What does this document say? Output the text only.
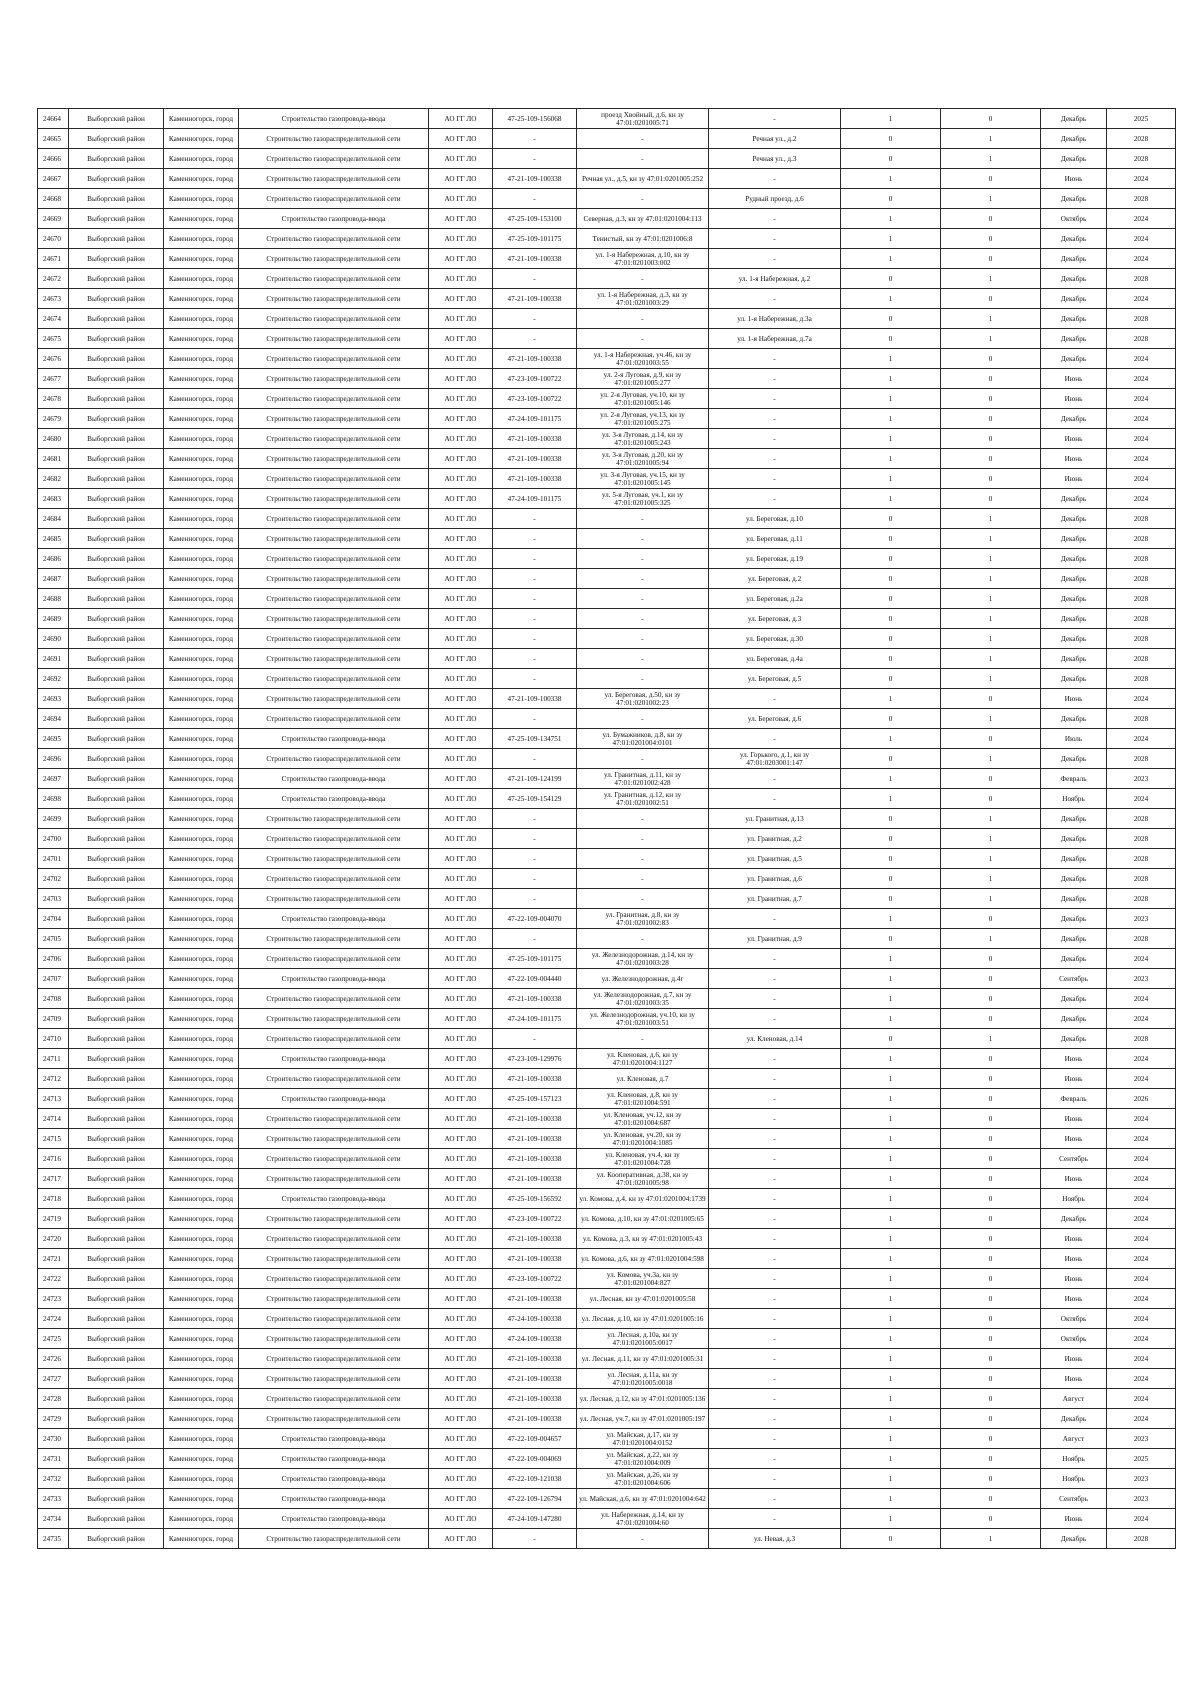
24664	Выборгский район	Каменногорск, город	Строительство газопровода-ввода	АО ГГ ЛО	47-25-109-156068	проезд Хвойный, д.6, кн зу 47:01:0201005:71	-	1	0	Декабрь	2025
24665	Выборгский район	Каменногорск, город	Строительство газораспределительной сети	АО ГГ ЛО	-	-	Речная ул., д.2	0	1	Декабрь	2028
24666	Выборгский район	Каменногорск, город	Строительство газораспределительной сети	АО ГГ ЛО	-	-	Речная ул., д.3	0	1	Декабрь	2028
24667	Выборгский район	Каменногорск, город	Строительство газораспределительной сети	АО ГГ ЛО	47-21-109-100338	Речная ул., д.5, кн зу 47:01:0201005:252	-	1	0	Июнь	2024
24668	Выборгский район	Каменногорск, город	Строительство газораспределительной сети	АО ГГ ЛО	-	-	Рудный проезд, д.6	0	1	Декабрь	2028
24669	Выборгский район	Каменногорск, город	Строительство газопровода-ввода	АО ГГ ЛО	47-25-109-153100	Северная, д.3, кн зу 47:01:0201004:113	-	1	0	Октябрь	2024
24670	Выборгский район	Каменногорск, город	Строительство газораспределительной сети	АО ГГ ЛО	47-25-109-101175	Тенистый, кн зу 47:01:0201006:8	-	1	0	Декабрь	2024
24671	Выборгский район	Каменногорск, город	Строительство газораспределительной сети	АО ГГ ЛО	47-21-109-100338	ул. 1-я Набережная, д.10, кн зу 47:01:0201003:002	-	1	0	Декабрь	2024
24672	Выборгский район	Каменногорск, город	Строительство газораспределительной сети	АО ГГ ЛО	-	-	ул. 1-я Набережная, д.2	0	1	Декабрь	2028
24673	Выборгский район	Каменногорск, город	Строительство газораспределительной сети	АО ГГ ЛО	47-21-109-100338	ул. 1-я Набережная, д.3, кн зу 47:01:0201003:29	-	1	0	Декабрь	2024
24674	Выборгский район	Каменногорск, город	Строительство газораспределительной сети	АО ГГ ЛО	-	-	ул. 1-я Набережная, д.3а	0	1	Декабрь	2028
24675	Выборгский район	Каменногорск, город	Строительство газораспределительной сети	АО ГГ ЛО	-	-	ул. 1-я Набережная, д.7а	0	1	Декабрь	2028
24676	Выборгский район	Каменногорск, город	Строительство газораспределительной сети	АО ГГ ЛО	47-21-109-100338	ул. 1-я Набережная, уч.46, кн зу 47:01:0201003:55	-	1	0	Декабрь	2024
24677	Выборгский район	Каменногорск, город	Строительство газораспределительной сети	АО ГГ ЛО	47-23-109-100722	ул. 2-я Луговая, д.9, кн зу 47:01:0201005:277	-	1	0	Июнь	2024
24678	Выборгский район	Каменногорск, город	Строительство газораспределительной сети	АО ГГ ЛО	47-23-109-100722	ул. 2-я Луговая, уч.10, кн зу 47:01:0201005:146	-	1	0	Июнь	2024
24679	Выборгский район	Каменногорск, город	Строительство газораспределительной сети	АО ГГ ЛО	47-24-109-101175	ул. 2-я Луговая, уч.13, кн зу 47:01:0201005:275	-	1	0	Декабрь	2024
24680	Выборгский район	Каменногорск, город	Строительство газораспределительной сети	АО ГГ ЛО	47-21-109-100338	ул. 3-я Луговая, д.14, кн зу 47:01:0201005:243	-	1	0	Июнь	2024
24681	Выборгский район	Каменногорск, город	Строительство газораспределительной сети	АО ГГ ЛО	47-21-109-100338	ул. 3-я Луговая, д.20, кн зу 47:01:0201005:94	-	1	0	Июнь	2024
24682	Выборгский район	Каменногорск, город	Строительство газораспределительной сети	АО ГГ ЛО	47-21-109-100338	ул. 3-я Луговая, уч.15, кн зу 47:01:0201005:145	-	1	0	Июнь	2024
24683	Выборгский район	Каменногорск, город	Строительство газораспределительной сети	АО ГГ ЛО	47-24-109-101175	ул. 5-я Луговая, уч.1, кн зу 47:01:0201005:325	-	1	0	Декабрь	2024
24684	Выборгский район	Каменногорск, город	Строительство газораспределительной сети	АО ГГ ЛО	-	-	ул. Береговая, д.10	0	1	Декабрь	2028
24685	Выборгский район	Каменногорск, город	Строительство газораспределительной сети	АО ГГ ЛО	-	-	ул. Береговая, д.11	0	1	Декабрь	2028
24686	Выборгский район	Каменногорск, город	Строительство газораспределительной сети	АО ГГ ЛО	-	-	ул. Береговая, д.19	0	1	Декабрь	2028
24687	Выборгский район	Каменногорск, город	Строительство газораспределительной сети	АО ГГ ЛО	-	-	ул. Береговая, д.2	0	1	Декабрь	2028
24688	Выборгский район	Каменногорск, город	Строительство газораспределительной сети	АО ГГ ЛО	-	-	ул. Береговая, д.2а	0	1	Декабрь	2028
24689	Выборгский район	Каменногорск, город	Строительство газораспределительной сети	АО ГГ ЛО	-	-	ул. Береговая, д.3	0	1	Декабрь	2028
24690	Выборгский район	Каменногорск, город	Строительство газораспределительной сети	АО ГГ ЛО	-	-	ул. Береговая, д.30	0	1	Декабрь	2028
24691	Выборгский район	Каменногорск, город	Строительство газораспределительной сети	АО ГГ ЛО	-	-	ул. Береговая, д.4а	0	1	Декабрь	2028
24692	Выборгский район	Каменногорск, город	Строительство газораспределительной сети	АО ГГ ЛО	-	-	ул. Береговая, д.5	0	1	Декабрь	2028
24693	Выборгский район	Каменногорск, город	Строительство газораспределительной сети	АО ГГ ЛО	47-21-109-100338	ул. Береговая, д.50, кн зу 47:01:0201002:23	-	1	0	Июнь	2024
24694	Выборгский район	Каменногорск, город	Строительство газораспределительной сети	АО ГГ ЛО	-	-	ул. Береговая, д.6	0	1	Декабрь	2028
24695	Выборгский район	Каменногорск, город	Строительство газопровода-ввода	АО ГГ ЛО	47-25-109-134751	ул. Бумажников, д.8, кн зу 47:01:0201004:0101	-	1	0	Июль	2024
24696	Выборгский район	Каменногорск, город	Строительство газораспределительной сети	АО ГГ ЛО	-	-	ул. Горького, д.1, кн зу 47:01:0203001:147	0	1	Декабрь	2028
24697	Выборгский район	Каменногорск, город	Строительство газопровода-ввода	АО ГГ ЛО	47-21-109-124199	ул. Гранитная, д.11, кн зу 47:01:0201002:428	-	1	0	Февраль	2023
24698	Выборгский район	Каменногорск, город	Строительство газопровода-ввода	АО ГГ ЛО	47-25-109-154129	ул. Гранитная, д.12, кн зу 47:01:0201002:51	-	1	0	Ноябрь	2024
24699	Выборгский район	Каменногорск, город	Строительство газораспределительной сети	АО ГГ ЛО	-	-	ул. Гранитная, д.13	0	1	Декабрь	2028
24700	Выборгский район	Каменногорск, город	Строительство газораспределительной сети	АО ГГ ЛО	-	-	ул. Гранитная, д.2	0	1	Декабрь	2028
24701	Выборгский район	Каменногорск, город	Строительство газораспределительной сети	АО ГГ ЛО	-	-	ул. Гранитная, д.5	0	1	Декабрь	2028
24702	Выборгский район	Каменногорск, город	Строительство газораспределительной сети	АО ГГ ЛО	-	-	ул. Гранитная, д.6	0	1	Декабрь	2028
24703	Выборгский район	Каменногорск, город	Строительство газораспределительной сети	АО ГГ ЛО	-	-	ул. Гранитная, д.7	0	1	Декабрь	2028
24704	Выборгский район	Каменногорск, город	Строительство газопровода-ввода	АО ГГ ЛО	47-22-109-004070	ул. Гранитная, д.8, кн зу 47:01:0201002:83	-	1	0	Декабрь	2023
24705	Выборгский район	Каменногорск, город	Строительство газораспределительной сети	АО ГГ ЛО	-	-	ул. Гранитная, д.9	0	1	Декабрь	2028
24706	Выборгский район	Каменногорск, город	Строительство газораспределительной сети	АО ГГ ЛО	47-25-109-101175	ул. Железнодорожная, д.14, кн зу 47:01:0201003:28	-	1	0	Декабрь	2024
24707	Выборгский район	Каменногорск, город	Строительство газопровода-ввода	АО ГГ ЛО	47-22-109-004440	ул. Железнодорожная, д.4г	-	1	0	Сентябрь	2023
24708	Выборгский район	Каменногорск, город	Строительство газораспределительной сети	АО ГГ ЛО	47-21-109-100338	ул. Железнодорожная, д.7, кн зу 47:01:0201003:35	-	1	0	Декабрь	2024
24709	Выборгский район	Каменногорск, город	Строительство газораспределительной сети	АО ГГ ЛО	47-24-109-101175	ул. Железнодорожная, уч.10, кн зу 47:01:0201003:51	-	1	0	Декабрь	2024
24710	Выборгский район	Каменногорск, город	Строительство газораспределительной сети	АО ГГ ЛО	-	-	ул. Кленовая, д.14	0	1	Декабрь	2028
24711	Выборгский район	Каменногорск, город	Строительство газопровода-ввода	АО ГГ ЛО	47-23-109-129976	ул. Кленовая, д.6, кн зу 47:01:0201004:1127	-	1	0	Июнь	2024
24712	Выборгский район	Каменногорск, город	Строительство газораспределительной сети	АО ГГ ЛО	47-21-109-100338	ул. Кленовая, д.7	-	1	0	Июнь	2024
24713	Выборгский район	Каменногорск, город	Строительство газопровода-ввода	АО ГГ ЛО	47-25-109-157123	ул. Кленовая, д.8, кн зу 47:01:0201004:591	-	1	0	Февраль	2026
24714	Выборгский район	Каменногорск, город	Строительство газораспределительной сети	АО ГГ ЛО	47-21-109-100338	ул. Кленовая, уч.12, кн зу 47:01:0201004:687	-	1	0	Июнь	2024
24715	Выборгский район	Каменногорск, город	Строительство газораспределительной сети	АО ГГ ЛО	47-21-109-100338	ул. Кленовая, уч.20, кн зу 47:01:0201004:1085	-	1	0	Июнь	2024
24716	Выборгский район	Каменногорск, город	Строительство газораспределительной сети	АО ГГ ЛО	47-21-109-100338	ул. Кленовая, уч.4, кн зу 47:01:0201004:728	-	1	0	Сентябрь	2024
24717	Выборгский район	Каменногорск, город	Строительство газораспределительной сети	АО ГГ ЛО	47-21-109-100338	ул. Кооперативная, д.38, кн зу 47:01:0201005:98	-	1	0	Июнь	2024
24718	Выборгский район	Каменногорск, город	Строительство газопровода-ввода	АО ГГ ЛО	47-25-109-156592	ул. Комова, д.4, кн зу 47:01:0201004:1739	-	1	0	Ноябрь	2024
24719	Выборгский район	Каменногорск, город	Строительство газораспределительной сети	АО ГГ ЛО	47-23-109-100722	ул. Комова, д.10, кн зу 47:01:0201005:65	-	1	0	Декабрь	2024
24720	Выборгский район	Каменногорск, город	Строительство газораспределительной сети	АО ГГ ЛО	47-21-109-100338	ул. Комова, д.3, кн зу 47:01:0201005:43	-	1	0	Июнь	2024
24721	Выборгский район	Каменногорск, город	Строительство газораспределительной сети	АО ГГ ЛО	47-21-109-100338	ул. Комова, д.6, кн зу 47:01:0201004:598	-	1	0	Июнь	2024
24722	Выборгский район	Каменногорск, город	Строительство газораспределительной сети	АО ГГ ЛО	47-23-109-100722	ул. Комова, уч.3а, кн зу 47:01:0201004:827	-	1	0	Июнь	2024
24723	Выборгский район	Каменногорск, город	Строительство газораспределительной сети	АО ГГ ЛО	47-21-109-100338	ул. Лесная, кн зу 47:01:0201005:58	-	1	0	Июнь	2024
24724	Выборгский район	Каменногорск, город	Строительство газораспределительной сети	АО ГГ ЛО	47-24-109-100338	ул. Лесная, д.10, кн зу 47:01:0201005:16	-	1	0	Октябрь	2024
24725	Выборгский район	Каменногорск, город	Строительство газораспределительной сети	АО ГГ ЛО	47-24-109-100338	ул. Лесная, д.10а, кн зу 47:01:0201005:0017	-	1	0	Октябрь	2024
24726	Выборгский район	Каменногорск, город	Строительство газораспределительной сети	АО ГГ ЛО	47-21-109-100338	ул. Лесная, д.11, кн зу 47:01:0201005:31	-	1	0	Июнь	2024
24727	Выборгский район	Каменногорск, город	Строительство газораспределительной сети	АО ГГ ЛО	47-21-109-100338	ул. Лесная, д.11а, кн зу 47:01:0201005:0018	-	1	0	Июнь	2024
24728	Выборгский район	Каменногорск, город	Строительство газораспределительной сети	АО ГГ ЛО	47-21-109-100338	ул. Лесная, д.12, кн зу 47:01:0201005:136	-	1	0	Август	2024
24729	Выборгский район	Каменногорск, город	Строительство газораспределительной сети	АО ГГ ЛО	47-21-109-100338	ул. Лесная, уч.7, кн зу 47:01:0201005:197	-	1	0	Декабрь	2024
24730	Выборгский район	Каменногорск, город	Строительство газопровода-ввода	АО ГГ ЛО	47-22-109-004657	ул. Майская, д.17, кн зу 47:01:0201004:0152	-	1	0	Август	2023
24731	Выборгский район	Каменногорск, город	Строительство газопровода-ввода	АО ГГ ЛО	47-22-109-004069	ул. Майская, д.22, кн зу 47:01:0201004:009	-	1	0	Ноябрь	2025
24732	Выборгский район	Каменногорск, город	Строительство газопровода-ввода	АО ГГ ЛО	47-22-109-121038	ул. Майская, д.26, кн зу 47:01:0201004:606	-	1	0	Ноябрь	2023
24733	Выборгский район	Каменногорск, город	Строительство газопровода-ввода	АО ГГ ЛО	47-22-109-126794	ул. Майская, д.6, кн зу 47:01:0201004:642	-	1	0	Сентябрь	2023
24734	Выборгский район	Каменногорск, город	Строительство газопровода-ввода	АО ГГ ЛО	47-24-109-147280	ул. Набережная, д.14, кн зу 47:01:0201004:60	-	1	0	Июнь	2024
24735	Выборгский район	Каменногорск, город	Строительство газораспределительной сети	АО ГГ ЛО	-	-	ул. Невая, д.3	0	1	Декабрь	2028
